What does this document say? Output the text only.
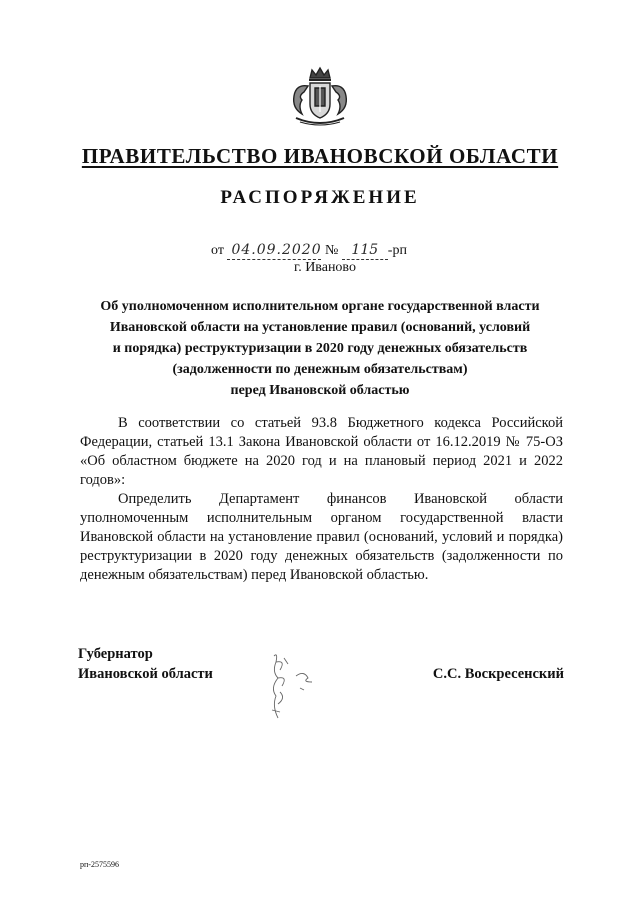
ПРАВИТЕЛЬСТВО ИВАНОВСКОЙ ОБЛАСТИ
РАСПОРЯЖЕНИЕ
от 04.09.2020 № 115 -рп
г. Иваново
Об уполномоченном исполнительном органе государственной власти
Ивановской области на установление правил (оснований, условий
и порядка) реструктуризации в 2020 году денежных обязательств
(задолженности по денежным обязательствам)
перед Ивановской областью

В соответствии со статьей 93.8 Бюджетного кодекса Российской Федерации, статьей 13.1 Закона Ивановской области от 16.12.2019 № 75-ОЗ «Об областном бюджете на 2020 год и на плановый период 2021 и 2022 годов»:

Определить Департамент финансов Ивановской области уполномоченным исполнительным органом государственной власти Ивановской области на установление правил (оснований, условий и порядка) реструктуризации в 2020 году денежных обязательств (задолженности по денежным обязательствам) перед Ивановской областью.

Губернатор
Ивановской области	С.С. Воскресенский
рп-2575596
